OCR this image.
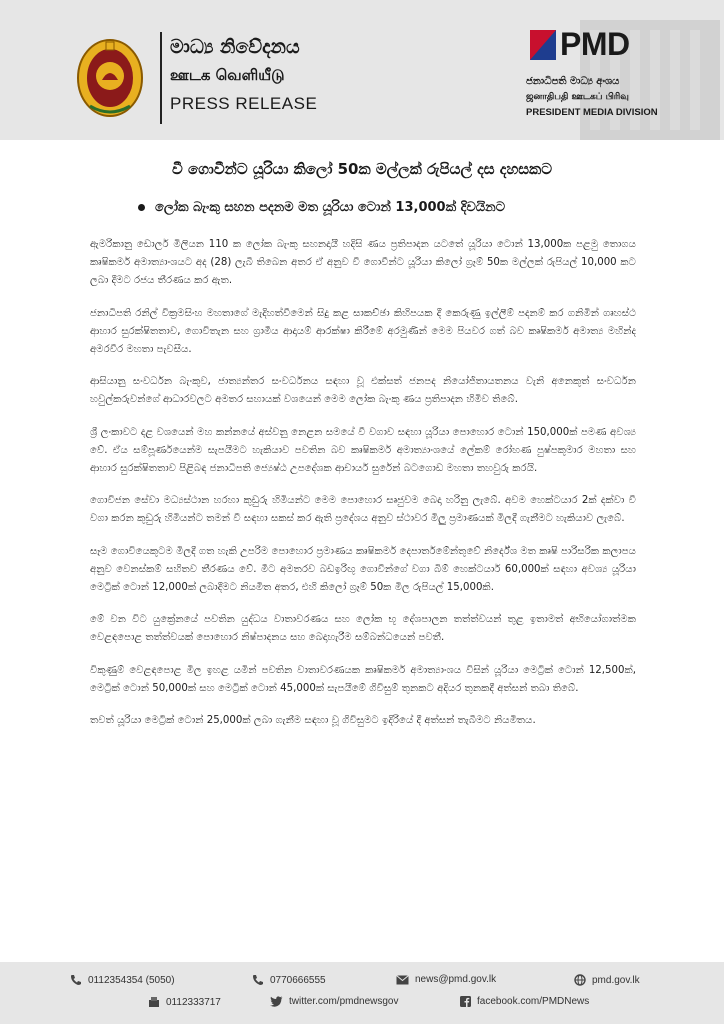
මාධ්‍ය නිවේදනය
ஊடக வெளியீடு
PRESS RELEASE
PMD
ජනාධිපති මාධ්‍ය අංශය
ஜனாதிபதி ஊடகப் பிரிவு
PRESIDENT MEDIA DIVISION
වී ගොවීන්ට යූරියා කිලෝ 50ක මල්ලක් රුපියල් දස දහසකට
ලෝක බැංකු සහන පදනම මත යූරියා ටොන් 13,000ක් දිවයිනට

ඇමරිකානු ඩොලර් මිලියන 110 ක ලෝක බැංකු සහනදායී හදිසි ණය ප්‍රතිපාදන යටතේ යූරියා ටොන් 13,000ක පළමු තොගය කෘෂිකර්ම අමාත්‍යාංශයට අද (28) ලැබී තිබෙන අතර ඒ අනුව වී ගොවීන්ට යූරියා කිලෝ ග්‍රෑම් 50ක මල්ලක් රුපියල් 10,000 කට ලබා දීමට රජය තීරණය කර ඇත.

ජනාධිපති රනිල් වික්‍රමසිංහ මහතාගේ මැදිහත්වීමෙන් සිදු කළ සාකච්ඡා කිහිපයක දී කෙරුණු ඉල්ලීම් පදනම් කර ගනිමින් ගෘහස්ථ ආහාර සුරක්ෂිතතාව, ගොවිතැන සහ ග්‍රාමීය ආදායම් ආරක්ෂා කිරීමේ අරමුණින් මෙම පියවර ගත් බව කෘෂිකර්ම අමාත්‍ය මහින්ද අමරවීර මහතා පැවසීය.

ආසියානු සංවර්ධන බැංකුව, ජාත්‍යන්තර සංවර්ධනය සඳහා වූ එක්සත් ජනපද නියෝජිතායතනය වැනි අනෙකුත් සංවර්ධන හවුල්කරුවන්ගේ ආධාරවලට අමතර සහායක් වශයෙන් මෙම ලෝක බැංකු ණය ප්‍රතිපාදන හිමිව තිබේ.

ශ්‍රී ලංකාවට දළ වශයෙන් මහ කන්නයේ අස්වනු නෙළන සමයේ වී වගාව සඳහා යූරියා පොහොර ටොන් 150,000ක් පමණ අවශ්‍ය වේ. ඒය සම්පූර්ණයෙන්ම සැපයීමට හැකියාව පවතින බව කෘෂිකර්ම අමාත්‍යාංශයේ ලේකම් රෝහණ පුෂ්පකුමාර මහතා සහ ආහාර සුරක්ෂිතතාව පිළිබඳ ජනාධිපති ජ්‍යෙෂ්ඨ උපදේශක ආචාර්ය සුරේන් බටගොඩ මහතා තහවුරු කරයි.

ගොවිජන සේවා මධ්‍යස්ථාන හරහා කුඩුරු හිමියන්ට මෙම පොහොර සෘජුවම බෙදා හරිනු ලැබේ. අවම හෙක්ටයාර 2ක් දක්වා වී වගා කරන කුඩුරු හිමියන්ට තමන් වී සඳහා සකස් කර ඇති ප්‍රදේශය අනුව ස්ථාවර මිලු ප්‍රමාණයක් මිලදී ගැනීමට හැකියාව ලැබේ.

සෑම ගොවියෙකුටම මිලදී ගත හැකි උපරිම පොහොර ප්‍රමාණය කෘෂිකර්ම දෙපාර්තමේන්තුවේ නිර්දේශ මත කෘෂි පාරිසරික කලාපය අනුව වෙනස්කම් සහිතව තීරණය වේ. මීට අමතරව බඩඉරිඟු ගොවීන්ගේ වගා බිම් හෙක්ටයාර් 60,000ක් සඳහා අවශ්‍ය යූරියා මෙට්‍රික් ටොන් 12,000ක් ලබාදීමට නියමිත අතර, එහි කිලෝ ග්‍රෑම් 50ක මිල රුපියල් 15,000කි.

මේ වන විට යුක්‍රේනයේ පවතින යුද්ධය වාතාවරණය සහ ලෝක භූ දේශපාලන තත්ත්වයන් තුළ ඉතාමත් අභියෝගාත්මක වෙළඳපොළ තත්ත්වයක් පොහොර නිෂ්පාදනය සහ බෙදාහැරීම සම්බන්ධයෙන් පවතී.

විකුණුම් වෙළඳපොළ මිල ඉහළ යමින් පවතින වාතාවරණයක කෘෂිකර්ම අමාත්‍යාංශය විසින් යූරියා මෙට්‍රික් ටොන් 12,500ක්, මෙට්‍රික් ටොන් 50,000ක් සහ මෙට්‍රික් ටොන් 45,000ක් සැපයීමේ ගිවිසුම් තුනකට අදියර තුනකදී අත්සන් තබා තිබේ.

තවත් යූරියා මෙට්‍රික් ටොන් 25,000ක් ලබා ගැනීම සඳහා වූ ගිවිසුමට ඉදිරියේ දී අත්සන් තැබීමට නියමිතය.

0112354354 (5050)	0770666555	news@pmd.gov.lk	pmd.gov.lk
0112333717	twitter.com/pmdnewsgov	facebook.com/PMDNews
